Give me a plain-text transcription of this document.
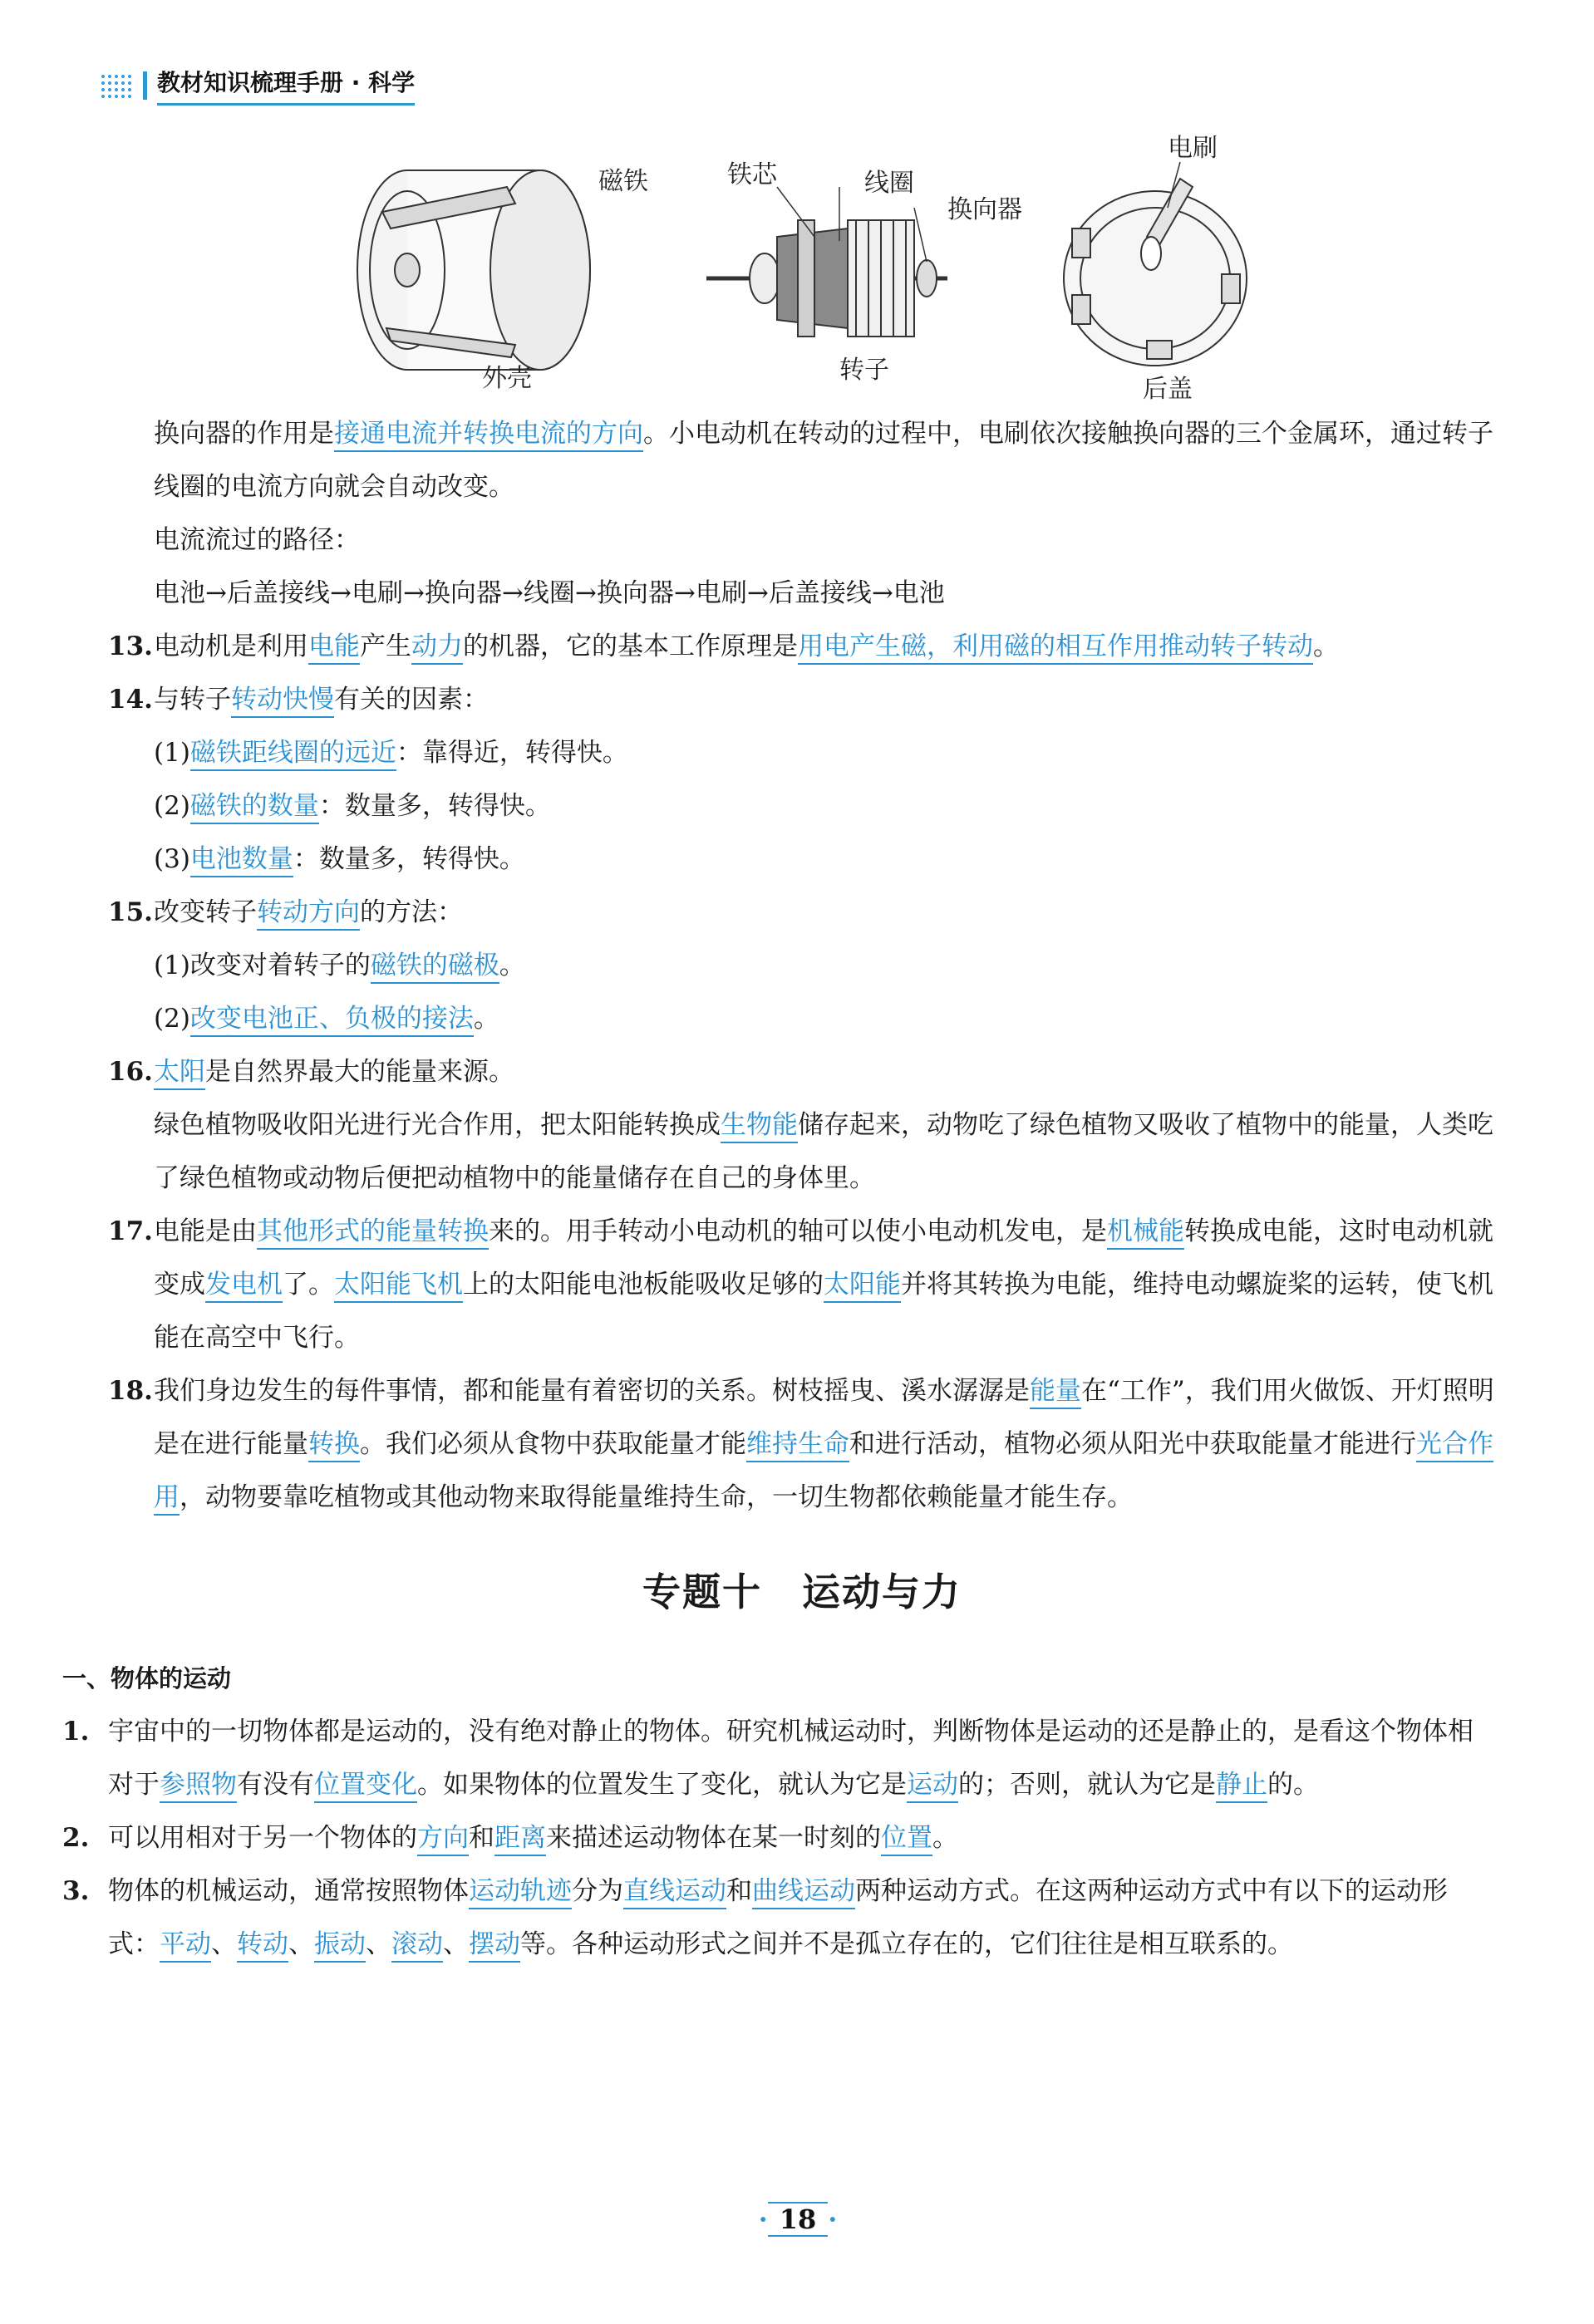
教材知识梳理手册 · 科学
磁铁
外壳
铁芯	线圈
换向器
转子
电刷
后盖

换向器的作用是接通电流并转换电流的方向。小电动机在转动的过程中，电刷依次接触换向器的三个金属环，通过转子线圈的电流方向就会自动改变。

电流流过的路径：

电池→后盖接线→电刷→换向器→线圈→换向器→电刷→后盖接线→电池

13.电动机是利用电能产生动力的机器，它的基本工作原理是用电产生磁，利用磁的相互作用推动转子转动。

14.与转子转动快慢有关的因素：

(1)磁铁距线圈的远近：靠得近，转得快。

(2)磁铁的数量：数量多，转得快。

(3)电池数量：数量多，转得快。

15.改变转子转动方向的方法：

(1)改变对着转子的磁铁的磁极。

(2)改变电池正、负极的接法。

16.太阳是自然界最大的能量来源。

绿色植物吸收阳光进行光合作用，把太阳能转换成生物能储存起来，动物吃了绿色植物又吸收了植物中的能量，人类吃了绿色植物或动物后便把动植物中的能量储存在自己的身体里。

17.电能是由其他形式的能量转换来的。用手转动小电动机的轴可以使小电动机发电，是机械能转换成电能，这时电动机就变成发电机了。太阳能飞机上的太阳能电池板能吸收足够的太阳能并将其转换为电能，维持电动螺旋桨的运转，使飞机能在高空中飞行。

18.我们身边发生的每件事情，都和能量有着密切的关系。树枝摇曳、溪水潺潺是能量在“工作”，我们用火做饭、开灯照明是在进行能量转换。我们必须从食物中获取能量才能维持生命和进行活动，植物必须从阳光中获取能量才能进行光合作用，动物要靠吃植物或其他动物来取得能量维持生命，一切生物都依赖能量才能生存。

专题十　运动与力

一、物体的运动

1. 宇宙中的一切物体都是运动的，没有绝对静止的物体。研究机械运动时，判断物体是运动的还是静止的，是看这个物体相对于参照物有没有位置变化。如果物体的位置发生了变化，就认为它是运动的；否则，就认为它是静止的。

2. 可以用相对于另一个物体的方向和距离来描述运动物体在某一时刻的位置。

3. 物体的机械运动，通常按照物体运动轨迹分为直线运动和曲线运动两种运动方式。在这两种运动方式中有以下的运动形式：平动、转动、振动、滚动、摆动等。各种运动形式之间并不是孤立存在的，它们往往是相互联系的。

· 18 ·
